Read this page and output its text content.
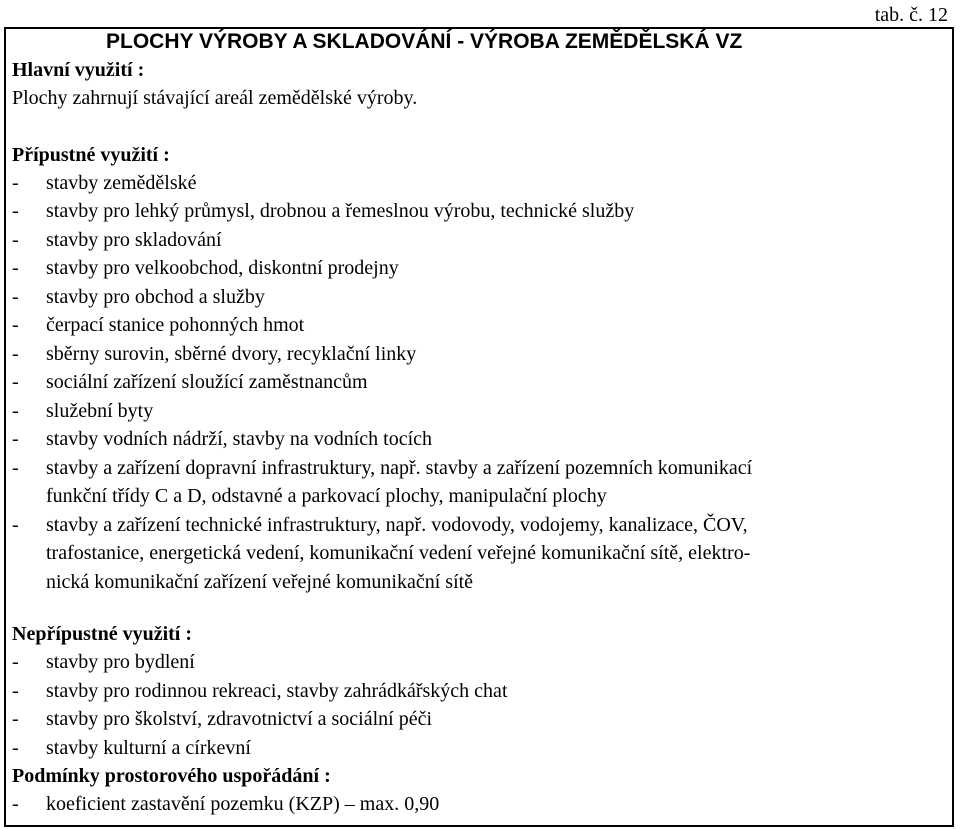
tab. č. 12
PLOCHY VÝROBY A SKLADOVÁNÍ - VÝROBA ZEMĚDĚLSKÁ VZ
Hlavní využití :
Plochy zahrnují stávající areál zemědělské výroby.
Přípustné využití :
-	stavby zemědělské
-	stavby pro lehký průmysl, drobnou a řemeslnou výrobu, technické služby
-	stavby pro skladování
-	stavby pro velkoobchod, diskontní prodejny
-	stavby pro obchod a služby
-	čerpací stanice pohonných hmot
-	sběrny surovin, sběrné dvory, recyklační linky
-	sociální zařízení sloužící zaměstnancům
-	služební byty
-	stavby vodních nádrží, stavby na vodních tocích
-	stavby a zařízení dopravní infrastruktury, např. stavby a zařízení pozemních komunikací
funkční třídy C a D, odstavné a parkovací plochy, manipulační plochy
-	stavby a zařízení technické infrastruktury, např. vodovody, vodojemy, kanalizace, ČOV,
trafostanice, energetická vedení, komunikační vedení veřejné komunikační sítě, elektro-
nická komunikační zařízení veřejné komunikační sítě
Nepřípustné využití :
-	stavby pro bydlení
-	stavby pro rodinnou rekreaci, stavby zahrádkářských chat
-	stavby pro školství, zdravotnictví a sociální péči
-	stavby kulturní a církevní
Podmínky prostorového uspořádání :
-	koeficient zastavění pozemku (KZP) – max. 0,90
